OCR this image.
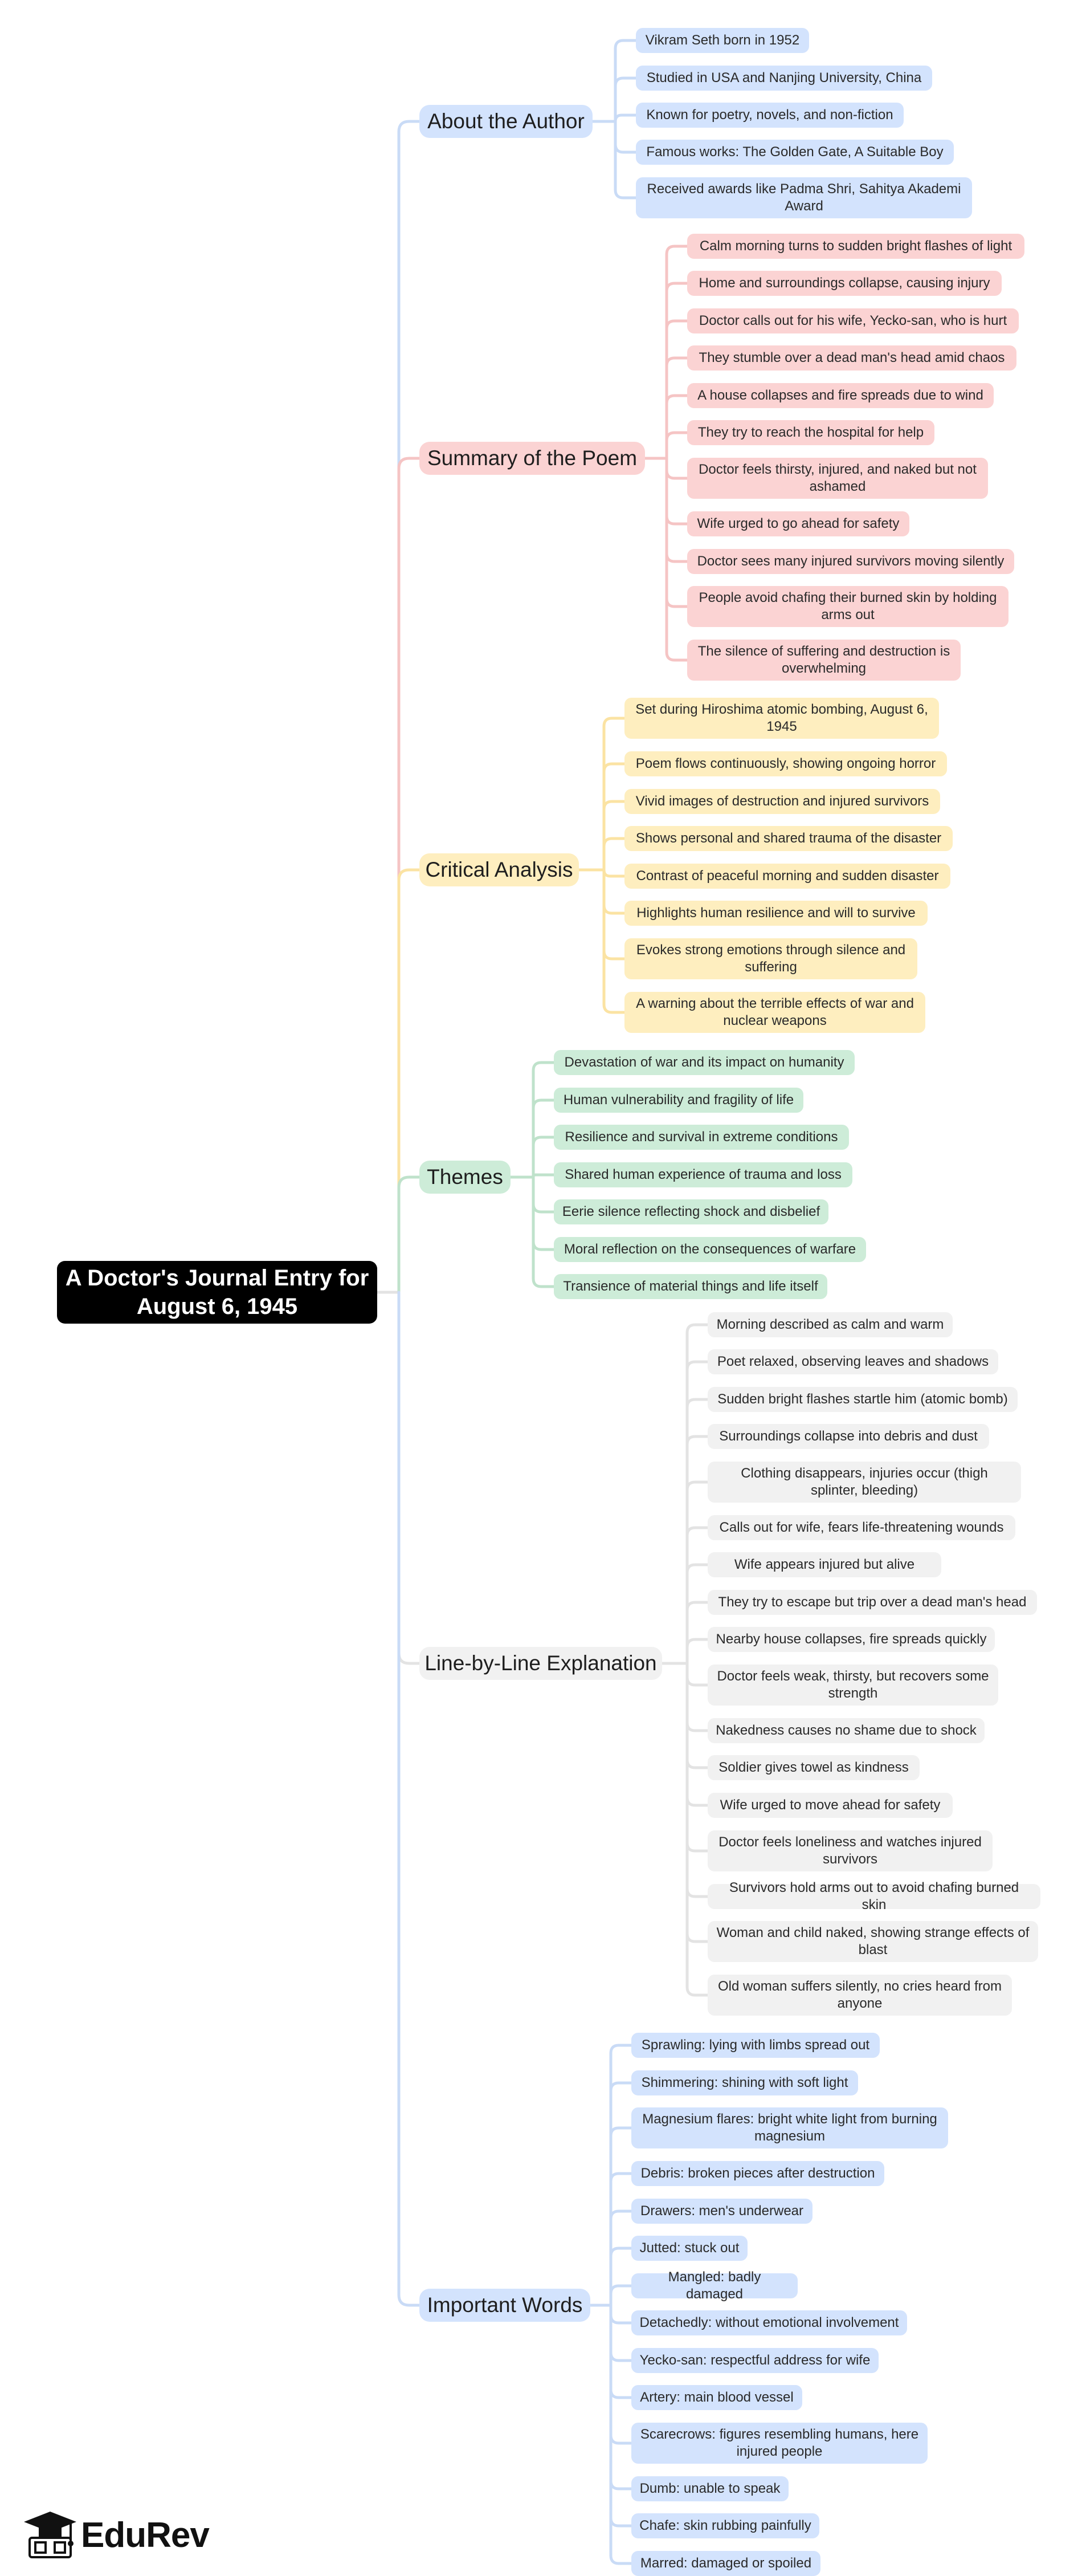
A Doctor's Journal Entry for August 6, 1945
About the Author
Vikram Seth born in 1952
Studied in USA and Nanjing University, China
Known for poetry, novels, and non-fiction
Famous works: The Golden Gate, A Suitable Boy
Received awards like Padma Shri, Sahitya Akademi Award
Summary of the Poem
Calm morning turns to sudden bright flashes of light
Home and surroundings collapse, causing injury
Doctor calls out for his wife, Yecko-san, who is hurt
They stumble over a dead man's head amid chaos
A house collapses and fire spreads due to wind
They try to reach the hospital for help
Doctor feels thirsty, injured, and naked but not ashamed
Wife urged to go ahead for safety
Doctor sees many injured survivors moving silently
People avoid chafing their burned skin by holding arms out
The silence of suffering and destruction is overwhelming
Critical Analysis
Set during Hiroshima atomic bombing, August 6, 1945
Poem flows continuously, showing ongoing horror
Vivid images of destruction and injured survivors
Shows personal and shared trauma of the disaster
Contrast of peaceful morning and sudden disaster
Highlights human resilience and will to survive
Evokes strong emotions through silence and suffering
A warning about the terrible effects of war and nuclear weapons
Themes
Devastation of war and its impact on humanity
Human vulnerability and fragility of life
Resilience and survival in extreme conditions
Shared human experience of trauma and loss
Eerie silence reflecting shock and disbelief
Moral reflection on the consequences of warfare
Transience of material things and life itself
Line-by-Line Explanation
Morning described as calm and warm
Poet relaxed, observing leaves and shadows
Sudden bright flashes startle him (atomic bomb)
Surroundings collapse into debris and dust
Clothing disappears, injuries occur (thigh splinter, bleeding)
Calls out for wife, fears life-threatening wounds
Wife appears injured but alive
They try to escape but trip over a dead man's head
Nearby house collapses, fire spreads quickly
Doctor feels weak, thirsty, but recovers some strength
Nakedness causes no shame due to shock
Soldier gives towel as kindness
Wife urged to move ahead for safety
Doctor feels loneliness and watches injured survivors
Survivors hold arms out to avoid chafing burned skin
Woman and child naked, showing strange effects of blast
Old woman suffers silently, no cries heard from anyone
Important Words
Sprawling: lying with limbs spread out
Shimmering: shining with soft light
Magnesium flares: bright white light from burning magnesium
Debris: broken pieces after destruction
Drawers: men's underwear
Jutted: stuck out
Mangled: badly damaged
Detachedly: without emotional involvement
Yecko-san: respectful address for wife
Artery: main blood vessel
Scarecrows: figures resembling humans, here injured people
Dumb: unable to speak
Chafe: skin rubbing painfully
Marred: damaged or spoiled
EduRev
